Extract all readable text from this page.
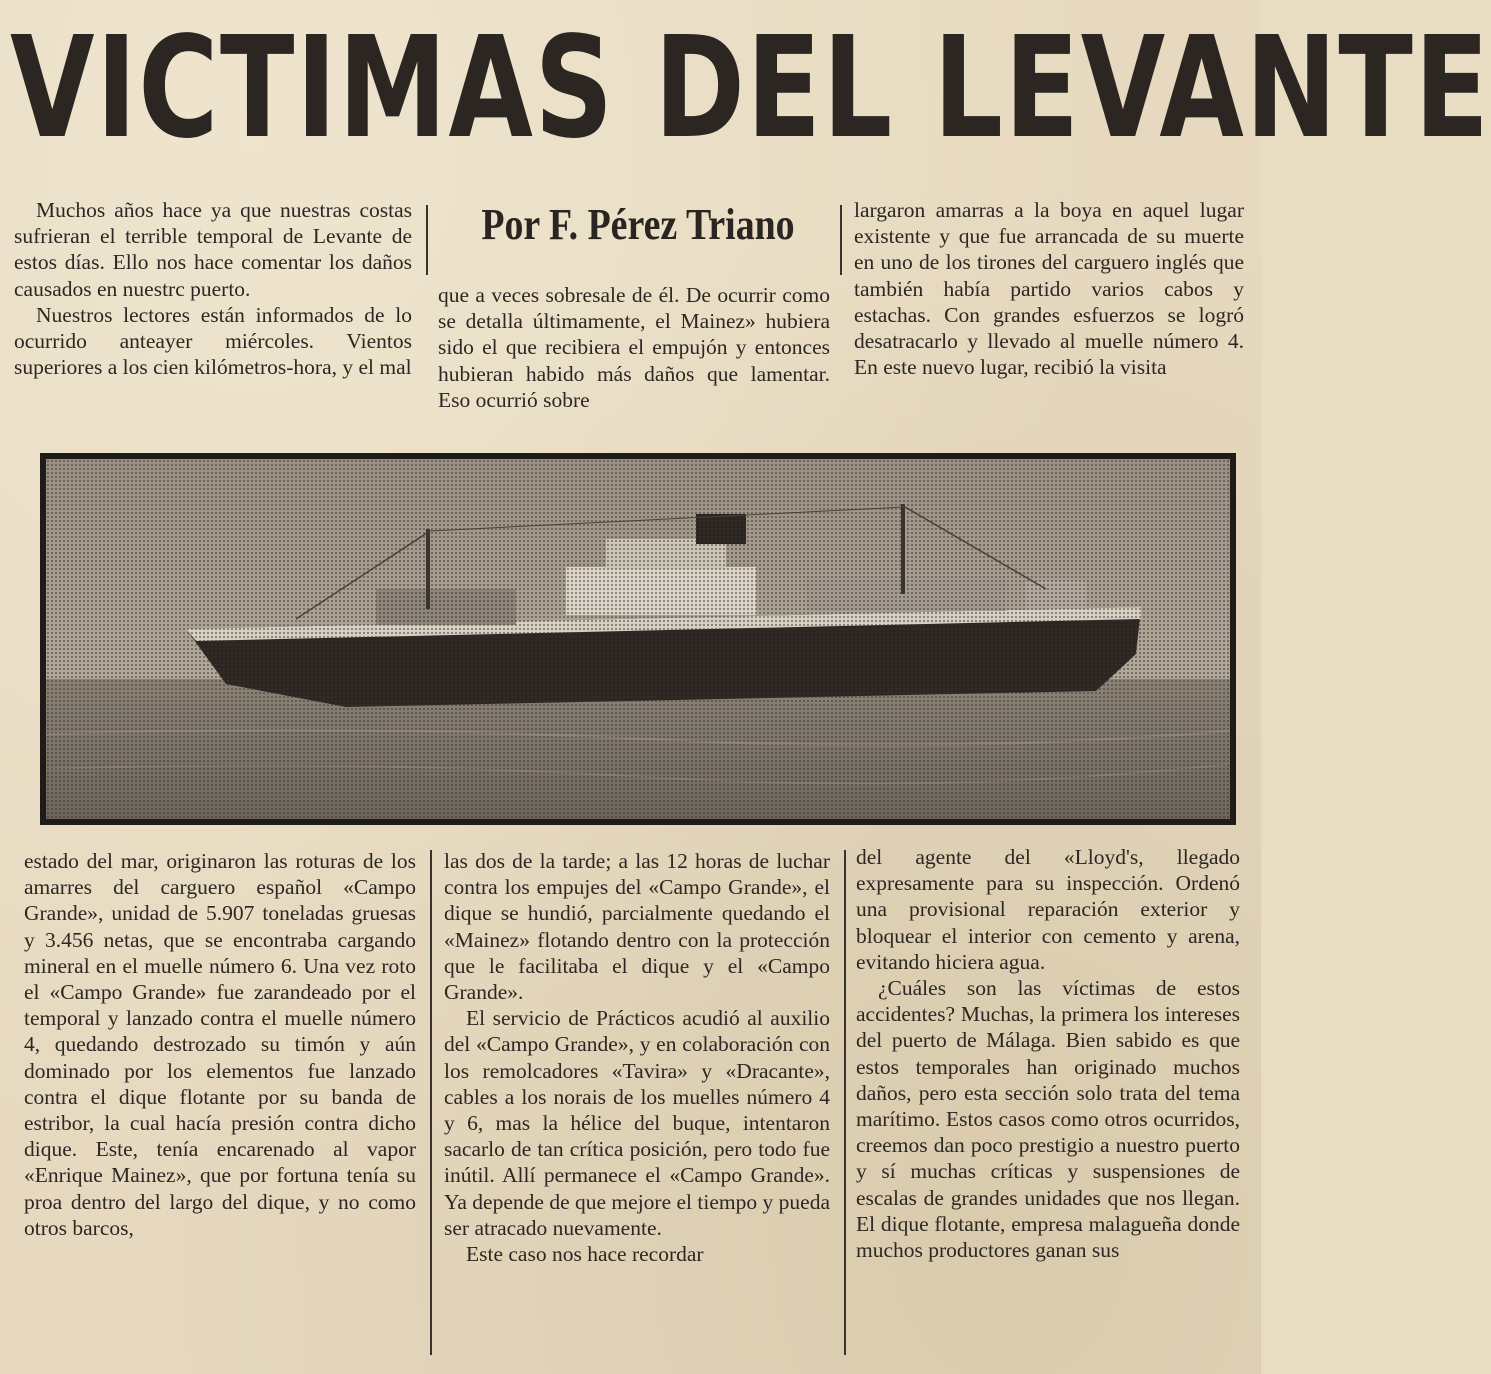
VICTIMAS DEL LEVANTE

Muchos años hace ya que nuestras costas sufrieran el terrible temporal de Levante de estos días. Ello nos hace comentar los daños causados en nuestrc puerto.

Nuestros lectores están informados de lo ocurrido anteayer miércoles. Vientos superiores a los cien kilómetros-hora, y el mal

Por F. Pérez Triano

que a veces sobresale de él. De ocurrir como se detalla últimamente, el Mainez» hubiera sido el que recibiera el empujón y entonces hubieran habido más daños que lamentar. Eso ocurrió sobre

largaron amarras a la boya en aquel lugar existente y que fue arrancada de su muerte en uno de los tirones del carguero inglés que también había partido varios cabos y estachas. Con grandes esfuerzos se logró desatracarlo y llevado al muelle número 4. En este nuevo lugar, recibió la visita

estado del mar, originaron las roturas de los amarres del carguero español «Campo Grande», unidad de 5.907 toneladas gruesas y 3.456 netas, que se encontraba cargando mineral en el muelle número 6. Una vez roto el «Campo Grande» fue zarandeado por el temporal y lanzado contra el muelle número 4, quedando destrozado su timón y aún dominado por los elementos fue lanzado contra el dique flotante por su banda de estribor, la cual hacía presión contra dicho dique. Este, tenía encarenado al vapor «Enrique Mainez», que por fortuna tenía su proa dentro del largo del dique, y no como otros barcos,

las dos de la tarde; a las 12 horas de luchar contra los empujes del «Campo Grande», el dique se hundió, parcialmente quedando el «Mainez» flotando dentro con la protección que le facilitaba el dique y el «Campo Grande».

El servicio de Prácticos acudió al auxilio del «Campo Grande», y en colaboración con los remolcadores «Tavira» y «Dracante», cables a los norais de los muelles número 4 y 6, mas la hélice del buque, intentaron sacarlo de tan crítica posición, pero todo fue inútil. Allí permanece el «Campo Grande». Ya depende de que mejore el tiempo y pueda ser atracado nuevamente.

Este caso nos hace recordar

del agente del «Lloyd's, llegado expresamente para su inspección. Ordenó una provisional reparación exterior y bloquear el interior con cemento y arena, evitando hiciera agua.

¿Cuáles son las víctimas de estos accidentes? Muchas, la primera los intereses del puerto de Málaga. Bien sabido es que estos temporales han originado muchos daños, pero esta sección solo trata del tema marítimo. Estos casos como otros ocurridos, creemos dan poco prestigio a nuestro puerto y sí muchas críticas y suspensiones de escalas de grandes unidades que nos llegan. El dique flotante, empresa malagueña donde muchos productores ganan sus
